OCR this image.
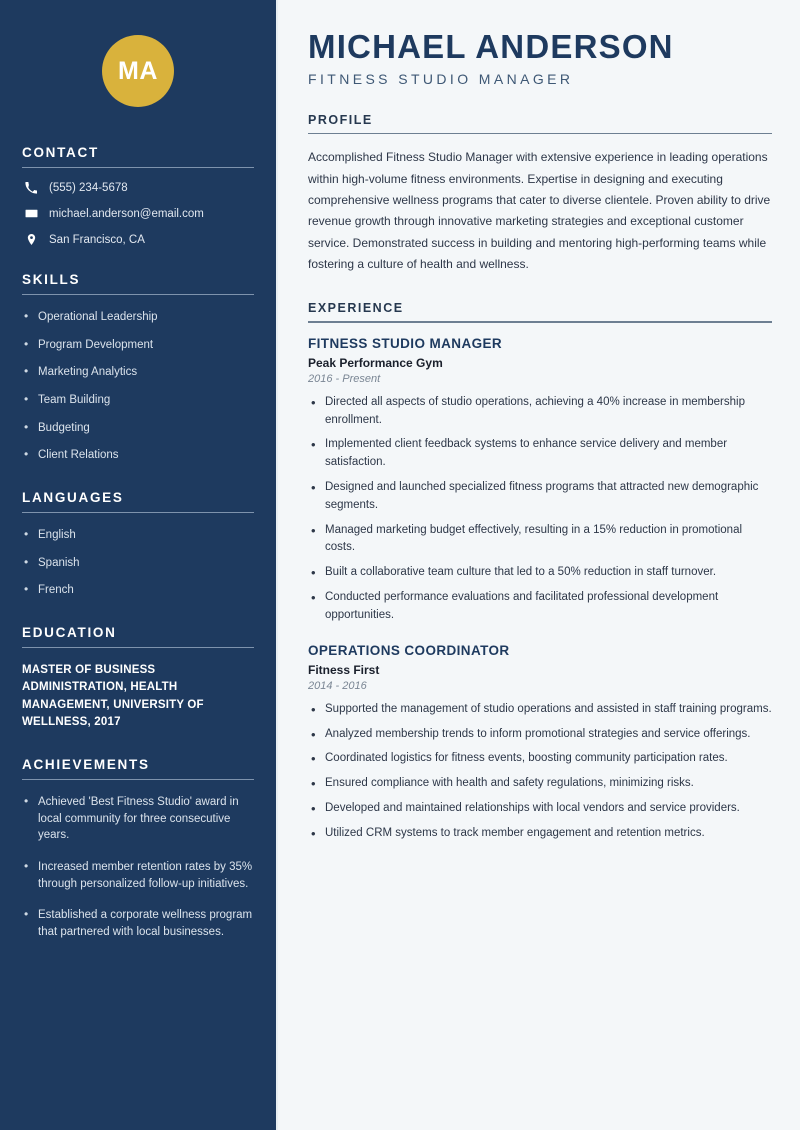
MA
CONTACT
(555) 234-5678
michael.anderson@email.com
San Francisco, CA
SKILLS
• Operational Leadership
• Program Development
• Marketing Analytics
• Team Building
• Budgeting
• Client Relations
LANGUAGES
• English
• Spanish
• French
EDUCATION
MASTER OF BUSINESS ADMINISTRATION, HEALTH MANAGEMENT, UNIVERSITY OF WELLNESS, 2017
ACHIEVEMENTS
• Achieved 'Best Fitness Studio' award in local community for three consecutive years.
• Increased member retention rates by 35% through personalized follow-up initiatives.
• Established a corporate wellness program that partnered with local businesses.
MICHAEL ANDERSON
FITNESS STUDIO MANAGER
PROFILE

Accomplished Fitness Studio Manager with extensive experience in leading operations within high-volume fitness environments. Expertise in designing and executing comprehensive wellness programs that cater to diverse clientele. Proven ability to drive revenue growth through innovative marketing strategies and exceptional customer service. Demonstrated success in building and mentoring high-performing teams while fostering a culture of health and wellness.

EXPERIENCE
FITNESS STUDIO MANAGER
Peak Performance Gym
2016 - Present
• Directed all aspects of studio operations, achieving a 40% increase in membership enrollment.
• Implemented client feedback systems to enhance service delivery and member satisfaction.
• Designed and launched specialized fitness programs that attracted new demographic segments.
• Managed marketing budget effectively, resulting in a 15% reduction in promotional costs.
• Built a collaborative team culture that led to a 50% reduction in staff turnover.
• Conducted performance evaluations and facilitated professional development opportunities.
OPERATIONS COORDINATOR
Fitness First
2014 - 2016
• Supported the management of studio operations and assisted in staff training programs.
• Analyzed membership trends to inform promotional strategies and service offerings.
• Coordinated logistics for fitness events, boosting community participation rates.
• Ensured compliance with health and safety regulations, minimizing risks.
• Developed and maintained relationships with local vendors and service providers.
• Utilized CRM systems to track member engagement and retention metrics.
